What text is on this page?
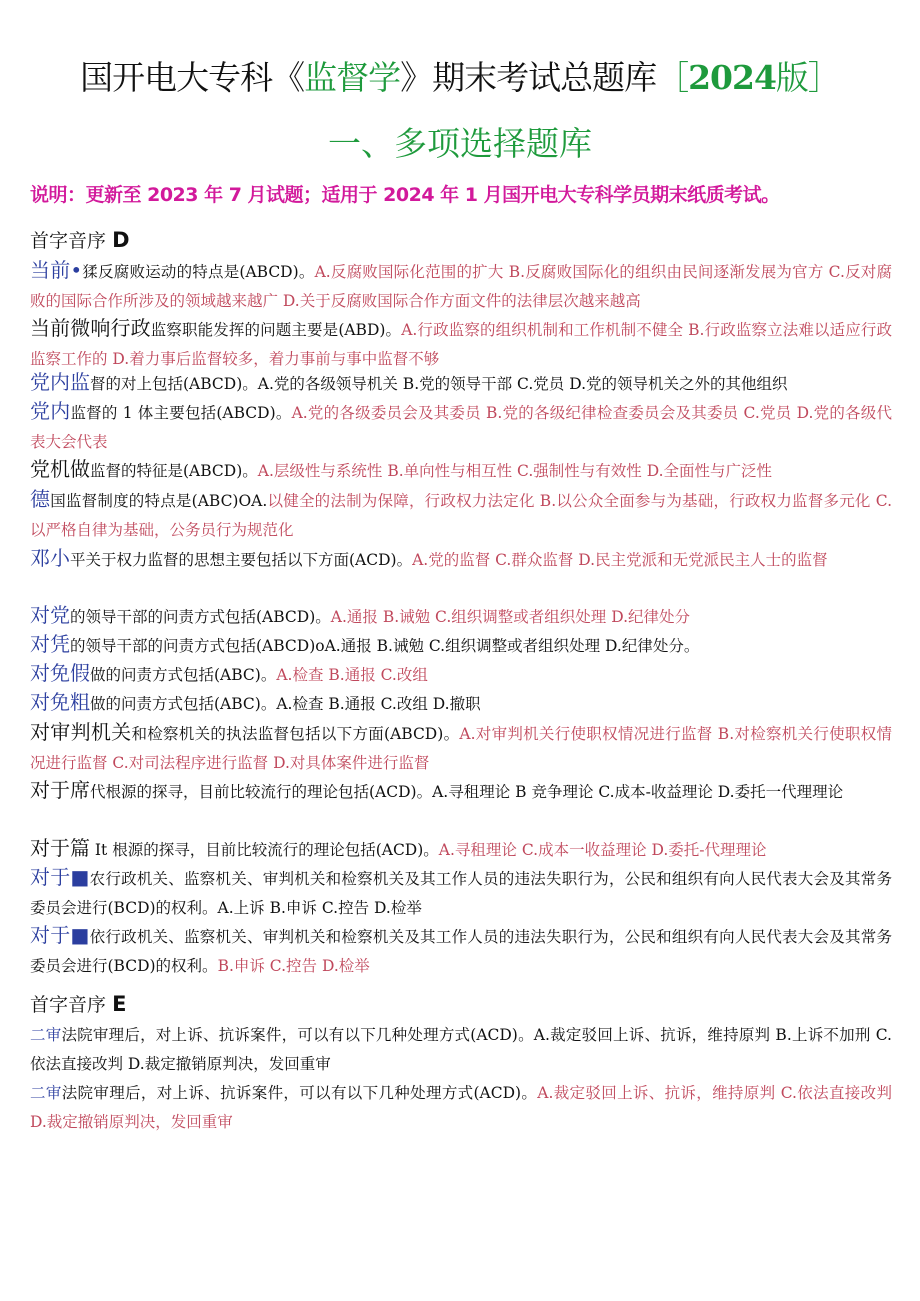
国开电大专科《监督学》期末考试总题库［2024版］
一、多项选择题库
说明：更新至 2023 年 7 月试题；适用于 2024 年 1 月国开电大专科学员期末纸质考试。
首字音序 D
当前•猱反腐败运动的特点是(ABCD)。A.反腐败国际化范围的扩大 B.反腐败国际化的组织由民间逐渐发展为官方 C.反对腐败的国际合作所涉及的领域越来越广 D.关于反腐败国际合作方面文件的法律层次越来越高
当前微响行政监察职能发挥的问题主要是(ABD)。A.行政监察的组织机制和工作机制不健全 B.行政监察立法难以适应行政监察工作的 D.着力事后监督较多，着力事前与事中监督不够
党内监督的对上包括(ABCD)。A.党的各级领导机关 B.党的领导干部 C.党员 D.党的领导机关之外的其他组织
党内监督的 1 体主要包括(ABCD)。A.党的各级委员会及其委员 B.党的各级纪律检查委员会及其委员 C.党员 D.党的各级代表大会代表
党机做监督的特征是(ABCD)。A.层级性与系统性 B.单向性与相互性 C.强制性与有效性 D.全面性与广泛性
德国监督制度的特点是(ABC)OA.以健全的法制为保障，行政权力法定化 B.以公众全面参与为基础，行政权力监督多元化 C.以严格自律为基础，公务员行为规范化
邓小平关于权力监督的思想主要包括以下方面(ACD)。A.党的监督 C.群众监督 D.民主党派和无党派民主人士的监督
对党的领导干部的问责方式包括(ABCD)。A.通报 B.诫勉 C.组织调整或者组织处理 D.纪律处分
对凭的领导干部的问责方式包括(ABCD)oA.通报 B.诫勉 C.组织调整或者组织处理 D.纪律处分。
对免假做的问责方式包括(ABC)。A.检查 B.通报 C.改组
对免粗做的问责方式包括(ABC)。A.检查 B.通报 C.改组 D.撤职
对审判机关和检察机关的执法监督包括以下方面(ABCD)。A.对审判机关行使职权情况进行监督 B.对检察机关行使职权情况进行监督 C.对司法程序进行监督 D.对具体案件进行监督
对于席代根源的探寻，目前比较流行的理论包括(ACD)。A.寻租理论 B 竞争理论 C.成本-收益理论 D.委托一代理理论
对于篇 It 根源的探寻，目前比较流行的理论包括(ACD)。A.寻租理论 C.成本一收益理论 D.委托-代理理论
对于■农行政机关、监察机关、审判机关和检察机关及其工作人员的违法失职行为，公民和组织有向人民代表大会及其常务委员会进行(BCD)的权利。A.上诉 B.申诉 C.控告 D.检举
对于■依行政机关、监察机关、审判机关和检察机关及其工作人员的违法失职行为，公民和组织有向人民代表大会及其常务委员会进行(BCD)的权利。B.申诉 C.控告 D.检举
首字音序 E
二审法院审理后，对上诉、抗诉案件，可以有以下几种处理方式(ACD)。A.裁定驳回上诉、抗诉，维持原判 B.上诉不加刑 C.依法直接改判 D.裁定撤销原判决，发回重审
二审法院审理后，对上诉、抗诉案件，可以有以下几种处理方式(ACD)。A.裁定驳回上诉、抗诉，维持原判 C.依法直接改判 D.裁定撤销原判决，发回重审
